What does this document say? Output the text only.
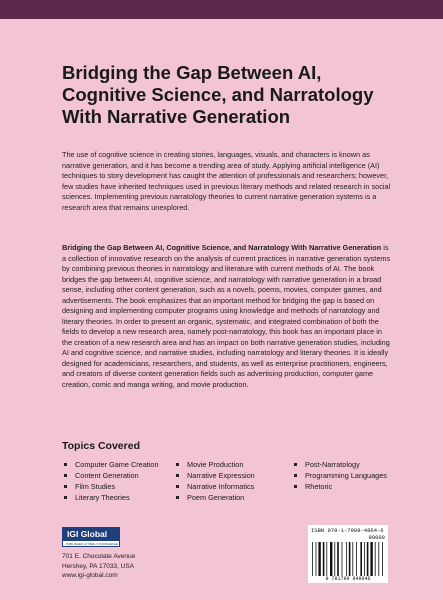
Bridging the Gap Between AI, Cognitive Science, and Narratology With Narrative Generation

The use of cognitive science in creating stories, languages, visuals, and characters is known as narrative generation, and it has become a trending area of study. Applying artificial intelligence (AI) techniques to story development has caught the attention of professionals and researchers; however, few studies have inherited techniques used in previous literary methods and related research in social sciences. Implementing previous narratology theories to current narrative generation systems is a research area that remains unexplored.

Bridging the Gap Between AI, Cognitive Science, and Narratology With Narrative Generation is a collection of innovative research on the analysis of current practices in narrative generation systems by combining previous theories in narratology and literature with current methods of AI. The book bridges the gap between AI, cognitive science, and narratology with narrative generation in a broad sense, including other content generation, such as a novels, poems, movies, computer games, and advertisements. The book emphasizes that an important method for bridging the gap is based on designing and implementing computer programs using knowledge and methods of narratology and literary theories. In order to present an organic, systematic, and integrated combination of both the fields to develop a new research area, namely post-narratology, this book has an important place in the creation of a new research area and has an impact on both narrative generation studies, including AI and cognitive science, and narrative studies, including narratology and literary theories. It is ideally designed for academicians, researchers, and students, as well as enterprise practitioners, engineers, and creators of diverse content generation fields such as advertising production, computer game creation, comic and manga writing, and movie production.

Topics Covered
Computer Game Creation
Content Generation
Film Studies
Literary Theories
Movie Production
Narrative Expression
Narrative Informatics
Poem Generation
Post-Narratology
Programming Languages
Rhetoric
IGI Global
PUBLISHER of TIMELY KNOWLEDGE
701 E. Chocolate Avenue
Hershey, PA 17033, USA
www.igi-global.com
ISBN 978-1-7998-4864-6
90000
9 781799 848646
